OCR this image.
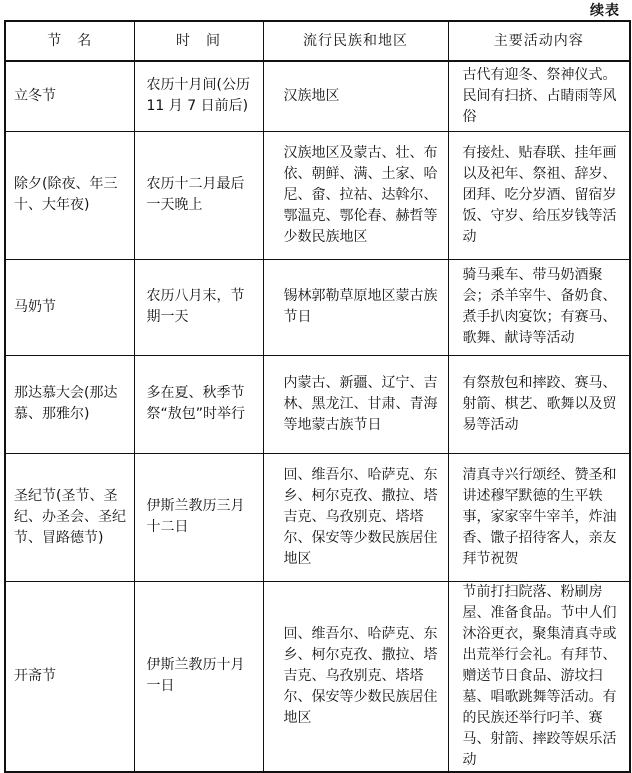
续表
节　名	时　间	流行民族和地区	主要活动内容
立冬节	农历十月间(公历 11 月 7 日前后)	汉族地区	古代有迎冬、祭神仪式。民间有扫挤、占睛雨等风俗
除夕(除夜、年三十、大年夜)	农历十二月最后一天晚上	汉族地区及蒙古、壮、布依、朝鲜、满、土家、哈尼、畲、拉祜、达斡尔、鄂温克、鄂伦春、赫哲等少数民族地区	有接灶、贴春联、挂年画以及祀年、祭祖、辞岁、团拜、吃分岁酒、留宿岁饭、守岁、给压岁钱等活动
马奶节	农历八月末，节期一天	锡林郭勒草原地区蒙古族节日	骑马乘车、带马奶酒聚会；杀羊宰牛、备奶食、煮手扒肉宴饮；有赛马、歌舞、献诗等活动
那达慕大会(那达慕、那雅尔)	多在夏、秋季节祭“敖包”时举行	内蒙古、新疆、辽宁、吉林、黑龙江、甘肃、青海等地蒙古族节日	有祭敖包和摔跤、赛马、射箭、棋艺、歌舞以及贸易等活动
圣纪节(圣节、圣纪、办圣会、圣纪节、冒路德节)	伊斯兰教历三月十二日	回、维吾尔、哈萨克、东乡、柯尔克孜、撒拉、塔吉克、乌孜别克、塔塔尔、保安等少数民族居住地区	清真寺兴行颂经、赞圣和讲述穆罕默德的生平轶事，家家宰牛宰羊，炸油香、馓子招待客人，亲友拜节祝贺
开斋节	伊斯兰教历十月一日	回、维吾尔、哈萨克、东乡、柯尔克孜、撒拉、塔吉克、乌孜别克、塔塔尔、保安等少数民族居住地区	节前打扫院落、粉刷房屋、准备食品。节中人们沐浴更衣，聚集清真寺或出荒举行会礼。有拜节、赠送节日食品、游坟扫墓、唱歌跳舞等活动。有的民族还举行叼羊、赛马、射箭、摔跤等娱乐活动
